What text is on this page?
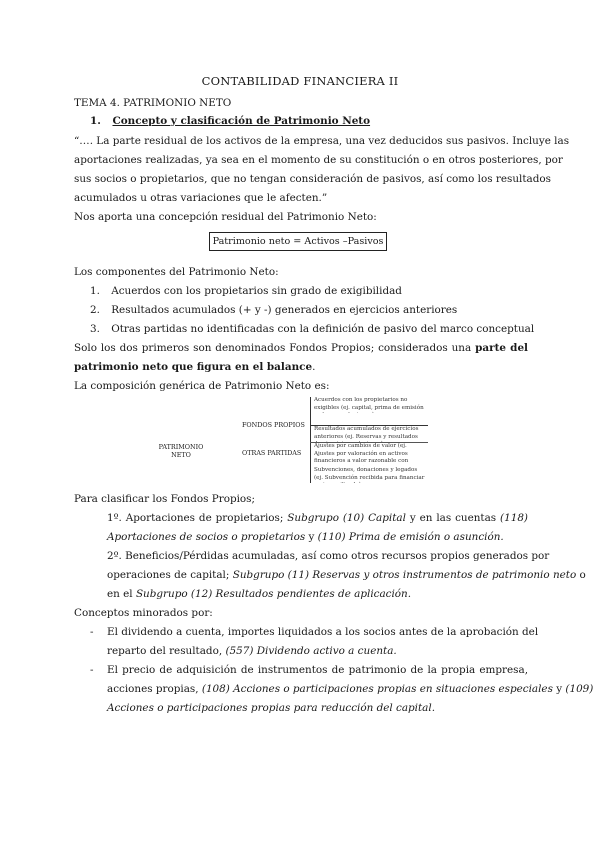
CONTABILIDAD FINANCIERA II
TEMA 4. PATRIMONIO NETO
1. Concepto y clasificación de Patrimonio Neto
“…. La parte residual de los activos de la empresa, una vez deducidos sus pasivos. Incluye las
aportaciones realizadas, ya sea en el momento de su constitución o en otros posteriores, por
sus socios o propietarios, que no tengan consideración de pasivos, así como los resultados
acumulados u otras variaciones que le afecten.”
Nos aporta una concepción residual del Patrimonio Neto:
Patrimonio neto = Activos –Pasivos
Los componentes del Patrimonio Neto:
1. Acuerdos con los propietarios sin grado de exigibilidad
2. Resultados acumulados (+ y -) generados en ejercicios anteriores
3. Otras partidas no identificadas con la definición de pasivo del marco conceptual
Solo los dos primeros son denominados Fondos Propios; considerados una parte del
patrimonio neto que figura en el balance.
La composición genérica de Patrimonio Neto es:
PATRIMONIO NETO
FONDOS PROPIOS
OTRAS PARTIDAS
Acuerdos con los propietarios no exigibles (ej. capital, prima de emisión
Resultados acumulados de ejercicios anteriores (ej. Reservas y resultados
Ajustes por cambios de valor (ej. Ajustes por valoración en activos financieros a valor razonable con
Subvenciones, donaciones y legados (ej. Subvención recibida para financiar
Para clasificar los Fondos Propios;
1º. Aportaciones de propietarios; Subgrupo (10) Capital y en las cuentas (118)
Aportaciones de socios o propietarios y (110) Prima de emisión o asunción.
2º. Beneficios/Pérdidas acumuladas, así como otros recursos propios generados por
operaciones de capital; Subgrupo (11) Reservas y otros instrumentos de patrimonio neto o
en el Subgrupo (12) Resultados pendientes de aplicación.
Conceptos minorados por:
- El dividendo a cuenta, importes liquidados a los socios antes de la aprobación del
reparto del resultado, (557) Dividendo activo a cuenta.
- El precio de adquisición de instrumentos de patrimonio de la propia empresa,
acciones propias, (108) Acciones o participaciones propias en situaciones especiales y (109)
Acciones o participaciones propias para reducción del capital.
